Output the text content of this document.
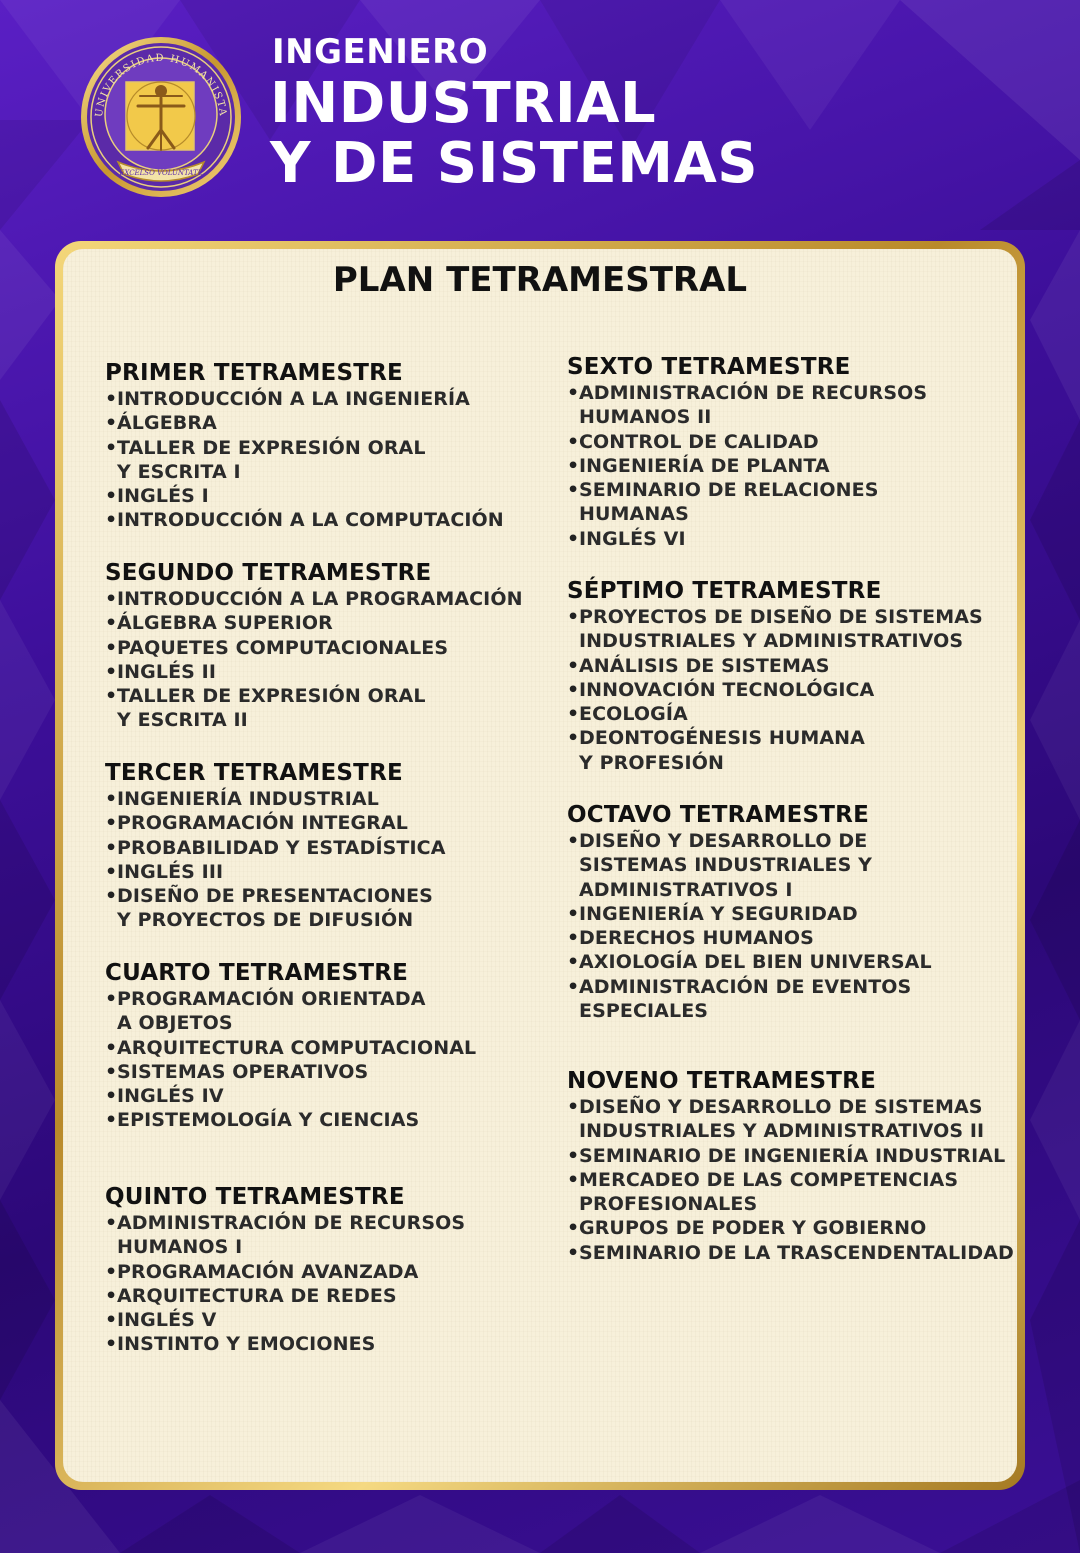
EXCELSO VOLUNTATE
UNIVERSIDAD HUMANISTA
INGENIERO
INDUSTRIAL
Y DE SISTEMAS
PLAN TETRAMESTRAL
PRIMER TETRAMESTRE
• INTRODUCCIÓN A LA INGENIERÍA
• ÁLGEBRA
• TALLER DE EXPRESIÓN ORAL
Y ESCRITA I
• INGLÉS I
• INTRODUCCIÓN A LA COMPUTACIÓN
SEGUNDO TETRAMESTRE
• INTRODUCCIÓN A LA PROGRAMACIÓN
• ÁLGEBRA SUPERIOR
• PAQUETES COMPUTACIONALES
• INGLÉS II
• TALLER DE EXPRESIÓN ORAL
Y ESCRITA II
TERCER TETRAMESTRE
• INGENIERÍA INDUSTRIAL
• PROGRAMACIÓN INTEGRAL
• PROBABILIDAD Y ESTADÍSTICA
• INGLÉS III
• DISEÑO DE PRESENTACIONES
Y PROYECTOS DE DIFUSIÓN
CUARTO TETRAMESTRE
• PROGRAMACIÓN ORIENTADA
A OBJETOS
• ARQUITECTURA COMPUTACIONAL
• SISTEMAS OPERATIVOS
• INGLÉS IV
• EPISTEMOLOGÍA Y CIENCIAS
QUINTO TETRAMESTRE
• ADMINISTRACIÓN DE RECURSOS
HUMANOS I
• PROGRAMACIÓN AVANZADA
• ARQUITECTURA DE REDES
• INGLÉS V
• INSTINTO Y EMOCIONES
SEXTO TETRAMESTRE
• ADMINISTRACIÓN DE RECURSOS
HUMANOS II
• CONTROL DE CALIDAD
• INGENIERÍA DE PLANTA
• SEMINARIO DE RELACIONES
HUMANAS
• INGLÉS VI
SÉPTIMO TETRAMESTRE
• PROYECTOS DE DISEÑO DE SISTEMAS
INDUSTRIALES Y ADMINISTRATIVOS
• ANÁLISIS DE SISTEMAS
• INNOVACIÓN TECNOLÓGICA
• ECOLOGÍA
• DEONTOGÉNESIS HUMANA
Y PROFESIÓN
OCTAVO TETRAMESTRE
• DISEÑO Y DESARROLLO DE
SISTEMAS INDUSTRIALES Y
ADMINISTRATIVOS I
• INGENIERÍA Y SEGURIDAD
• DERECHOS HUMANOS
• AXIOLOGÍA DEL BIEN UNIVERSAL
• ADMINISTRACIÓN DE EVENTOS
ESPECIALES
NOVENO TETRAMESTRE
• DISEÑO Y DESARROLLO DE SISTEMAS
INDUSTRIALES Y ADMINISTRATIVOS II
• SEMINARIO DE INGENIERÍA INDUSTRIAL
• MERCADEO DE LAS COMPETENCIAS
PROFESIONALES
• GRUPOS DE PODER Y GOBIERNO
• SEMINARIO DE LA TRASCENDENTALIDAD
